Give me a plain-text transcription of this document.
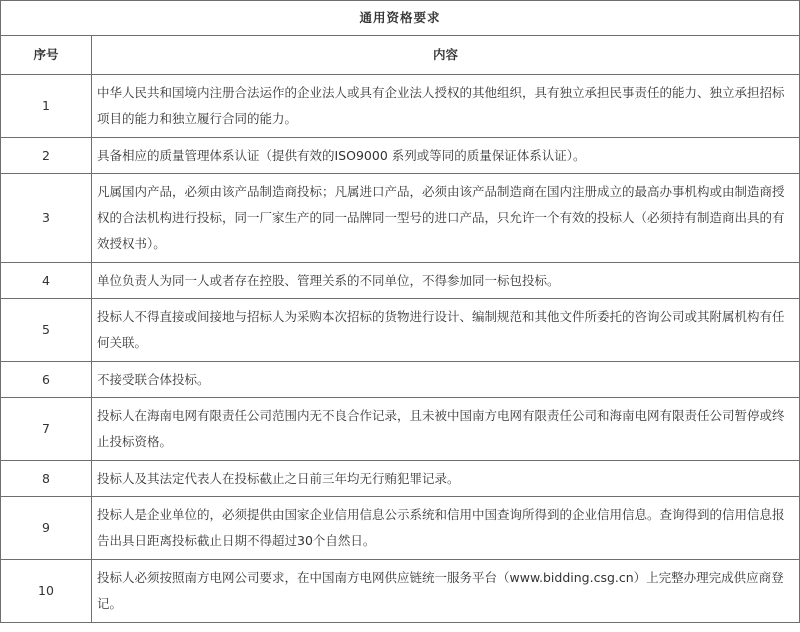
通用资格要求	
序号	内容
1	中华人民共和国境内注册合法运作的企业法人或具有企业法人授权的其他组织，具有独立承担民事责任的能力、独立承担招标项目的能力和独立履行合同的能力。
2	具备相应的质量管理体系认证（提供有效的ISO9000 系列或等同的质量保证体系认证）。
3	凡属国内产品，必须由该产品制造商投标；凡属进口产品，必须由该产品制造商在国内注册成立的最高办事机构或由制造商授权的合法机构进行投标，同一厂家生产的同一品牌同一型号的进口产品，只允许一个有效的投标人（必须持有制造商出具的有效授权书）。
4	单位负责人为同一人或者存在控股、管理关系的不同单位，不得参加同一标包投标。
5	投标人不得直接或间接地与招标人为采购本次招标的货物进行设计、编制规范和其他文件所委托的咨询公司或其附属机构有任何关联。
6	不接受联合体投标。
7	投标人在海南电网有限责任公司范围内无不良合作记录，且未被中国南方电网有限责任公司和海南电网有限责任公司暂停或终止投标资格。
8	投标人及其法定代表人在投标截止之日前三年均无行贿犯罪记录。
9	投标人是企业单位的，必须提供由国家企业信用信息公示系统和信用中国查询所得到的企业信用信息。查询得到的信用信息报告出具日距离投标截止日期不得超过30个自然日。
10	投标人必须按照南方电网公司要求，在中国南方电网供应链统一服务平台（www.bidding.csg.cn）上完整办理完成供应商登记。
